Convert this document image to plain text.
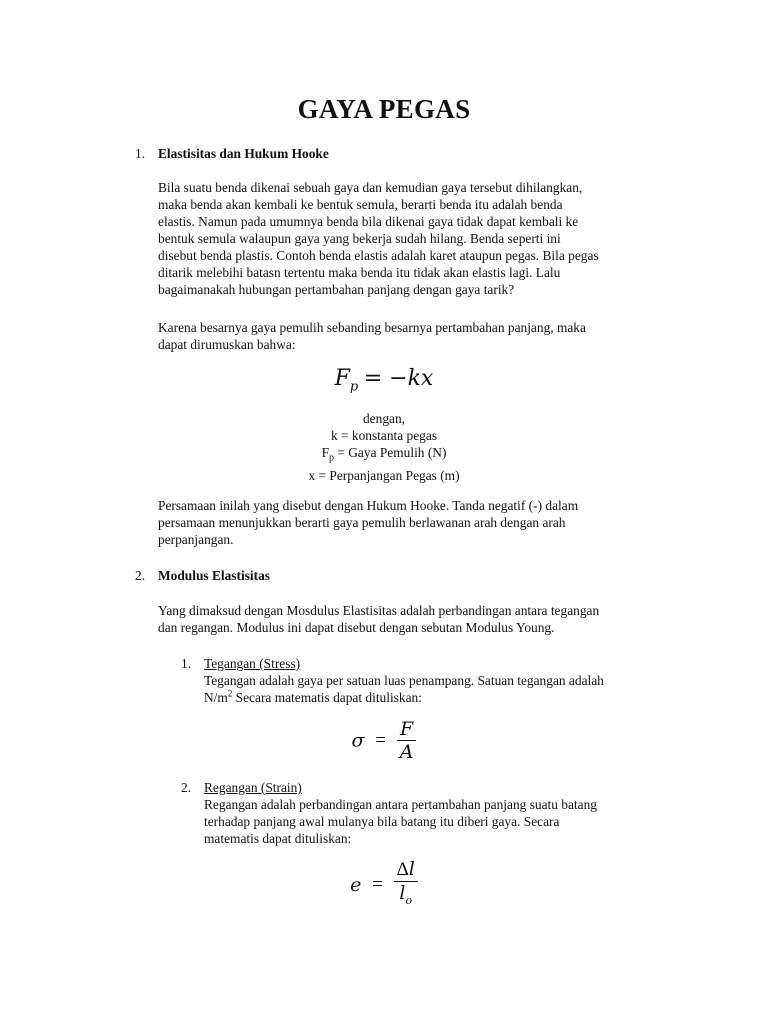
GAYA PEGAS
1. Elastisitas dan Hukum Hooke

Bila suatu benda dikenai sebuah gaya dan kemudian gaya tersebut dihilangkan,

maka benda akan kembali ke bentuk semula, berarti benda itu adalah benda

elastis. Namun pada umumnya benda bila dikenai gaya tidak dapat kembali ke

bentuk semula walaupun gaya yang bekerja sudah hilang. Benda seperti ini

disebut benda plastis. Contoh benda elastis adalah karet ataupun pegas. Bila pegas

ditarik melebihi batasn tertentu maka benda itu tidak akan elastis lagi. Lalu

bagaimanakah hubungan pertambahan panjang dengan gaya tarik?

Karena besarnya gaya pemulih sebanding besarnya pertambahan panjang, maka

dapat dirumuskan bahwa:

$F_p = -kx$
dengan,
k = konstanta pegas
$F_p$ = Gaya Pemulih (N)
x = Perpanjangan Pegas (m)

Persamaan inilah yang disebut dengan Hukum Hooke. Tanda negatif (-) dalam

persamaan menunjukkan berarti gaya pemulih berlawanan arah dengan arah

perpanjangan.

2. Modulus Elastisitas

Yang dimaksud dengan Mosdulus Elastisitas adalah perbandingan antara tegangan

dan regangan. Modulus ini dapat disebut dengan sebutan Modulus Young.

1. Tegangan (Stress)
Tegangan adalah gaya per satuan luas penampang. Satuan tegangan adalah
$N/m^2$ Secara matematis dapat dituliskan:
$\sigma = \frac{F}{A}$
2. Regangan (Strain)
Regangan adalah perbandingan antara pertambahan panjang suatu batang
terhadap panjang awal mulanya bila batang itu diberi gaya. Secara
matematis dapat dituliskan:
$e = \frac{\Delta l}{l_o}$
